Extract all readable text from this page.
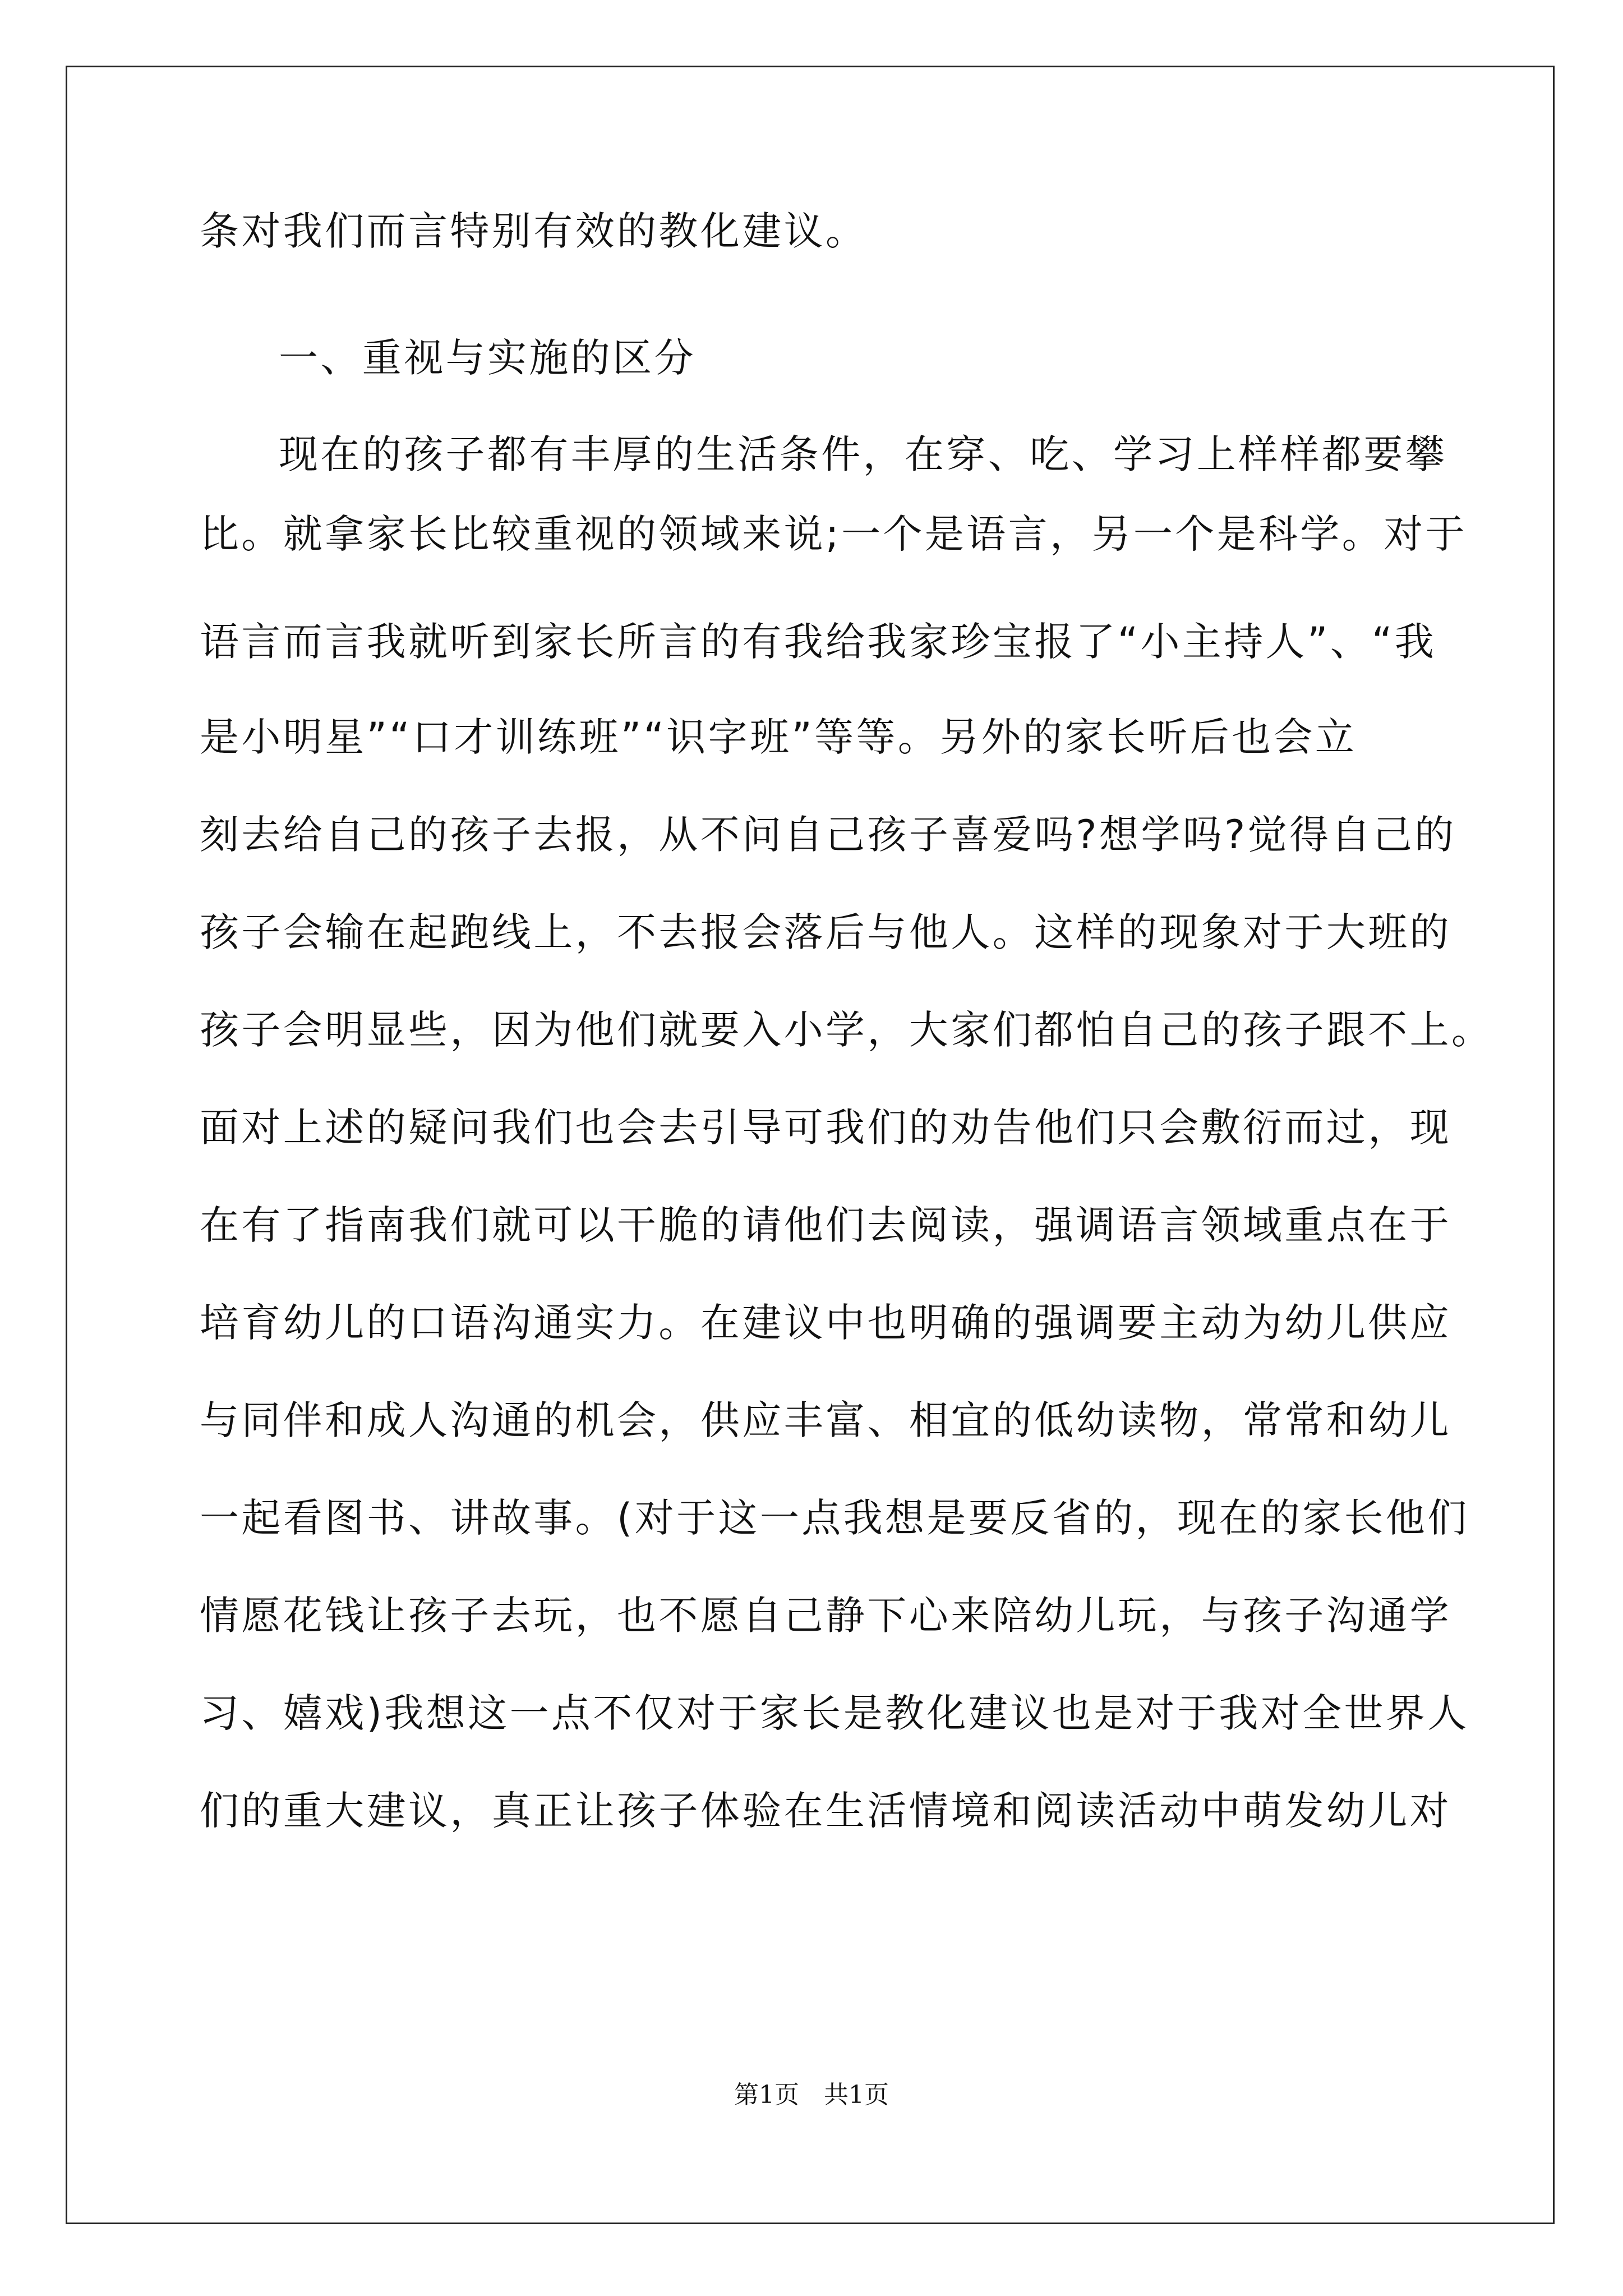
条对我们而言特别有效的教化建议。
一、重视与实施的区分
现在的孩子都有丰厚的生活条件，在穿、吃、学习上样样都要攀
比。就拿家长比较重视的领域来说;一个是语言，另一个是科学。对于
语言而言我就听到家长所言的有我给我家珍宝报了“小主持人”、“我
是小明星”“口才训练班”“识字班”等等。另外的家长听后也会立
刻去给自己的孩子去报，从不问自己孩子喜爱吗?想学吗?觉得自己的
孩子会输在起跑线上，不去报会落后与他人。这样的现象对于大班的
孩子会明显些，因为他们就要入小学，大家们都怕自己的孩子跟不上。
面对上述的疑问我们也会去引导可我们的劝告他们只会敷衍而过，现
在有了指南我们就可以干脆的请他们去阅读，强调语言领域重点在于
培育幼儿的口语沟通实力。在建议中也明确的强调要主动为幼儿供应
与同伴和成人沟通的机会，供应丰富、相宜的低幼读物，常常和幼儿
一起看图书、讲故事。(对于这一点我想是要反省的，现在的家长他们
情愿花钱让孩子去玩，也不愿自己静下心来陪幼儿玩，与孩子沟通学
习、嬉戏)我想这一点不仅对于家长是教化建议也是对于我对全世界人
们的重大建议，真正让孩子体验在生活情境和阅读活动中萌发幼儿对
第1页　共1页
